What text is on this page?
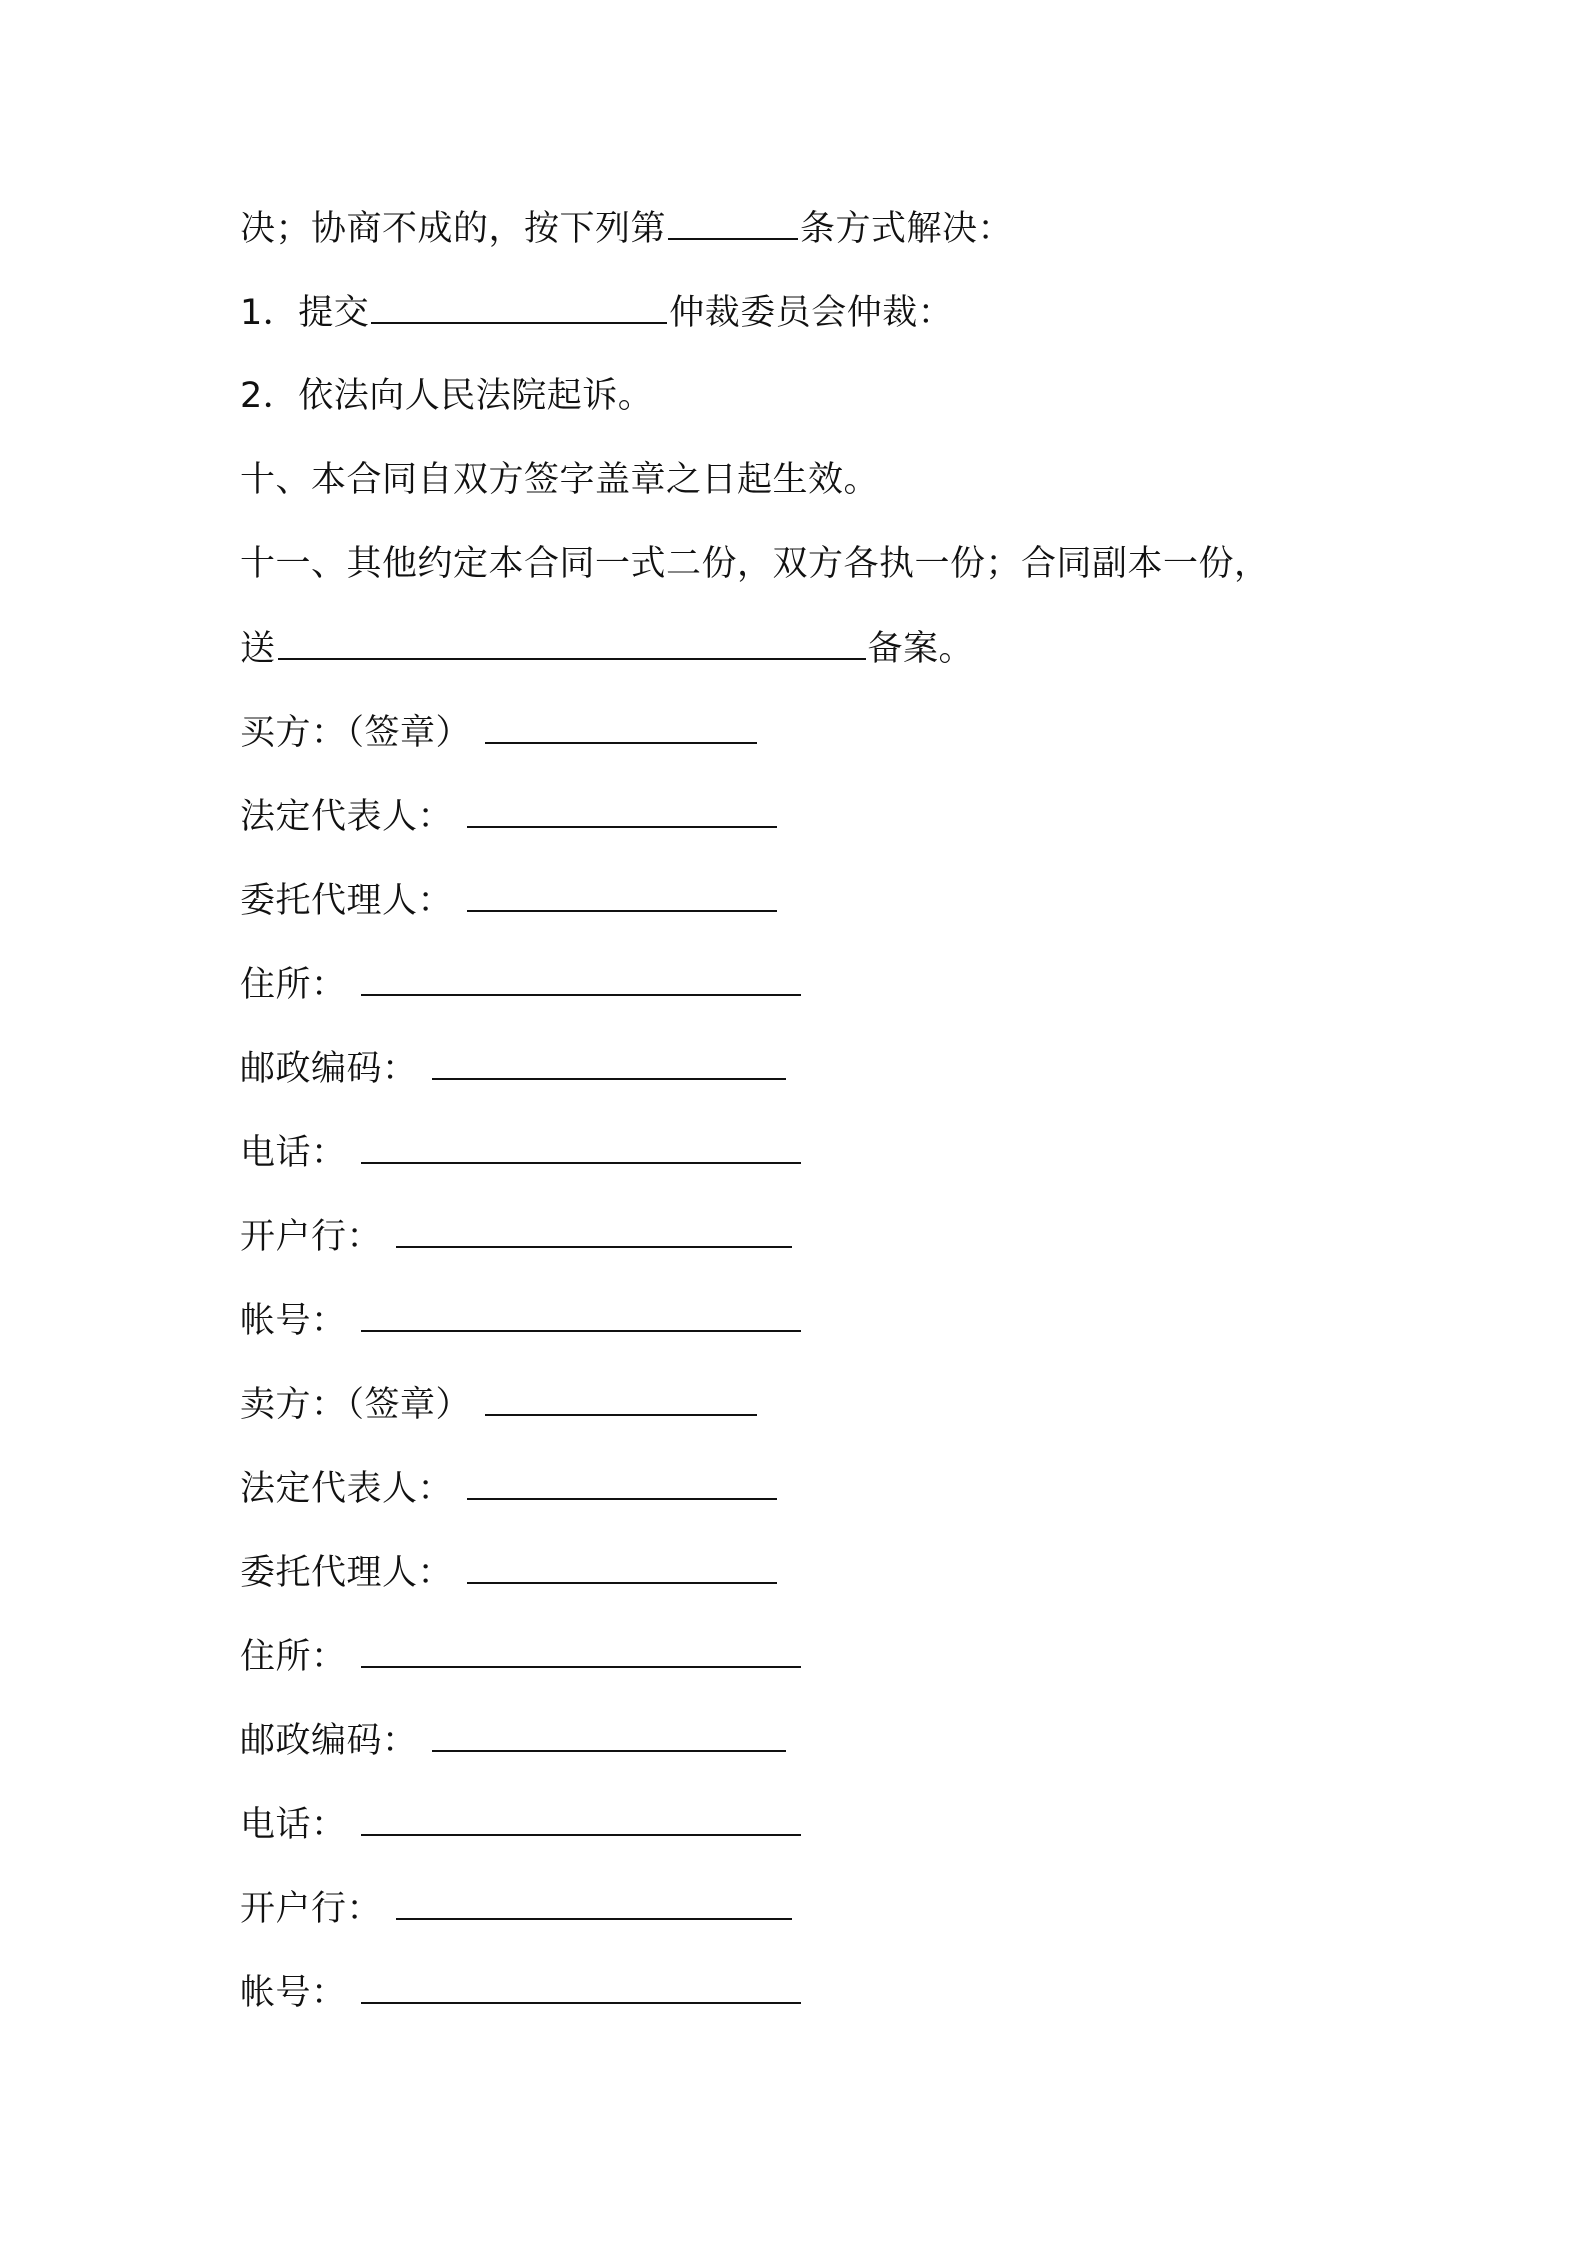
决；协商不成的，按下列第	条方式解决：
1．提交	仲裁委员会仲裁：
2．依法向人民法院起诉。
十、本合同自双方签字盖章之日起生效。
十一、其他约定本合同一式二份，双方各执一份；合同副本一份，
送	备案。
买方：（签章）
法定代表人：
委托代理人：
住所：
邮政编码：
电话：
开户行：
帐号：
卖方：（签章）
法定代表人：
委托代理人：
住所：
邮政编码：
电话：
开户行：
帐号：
